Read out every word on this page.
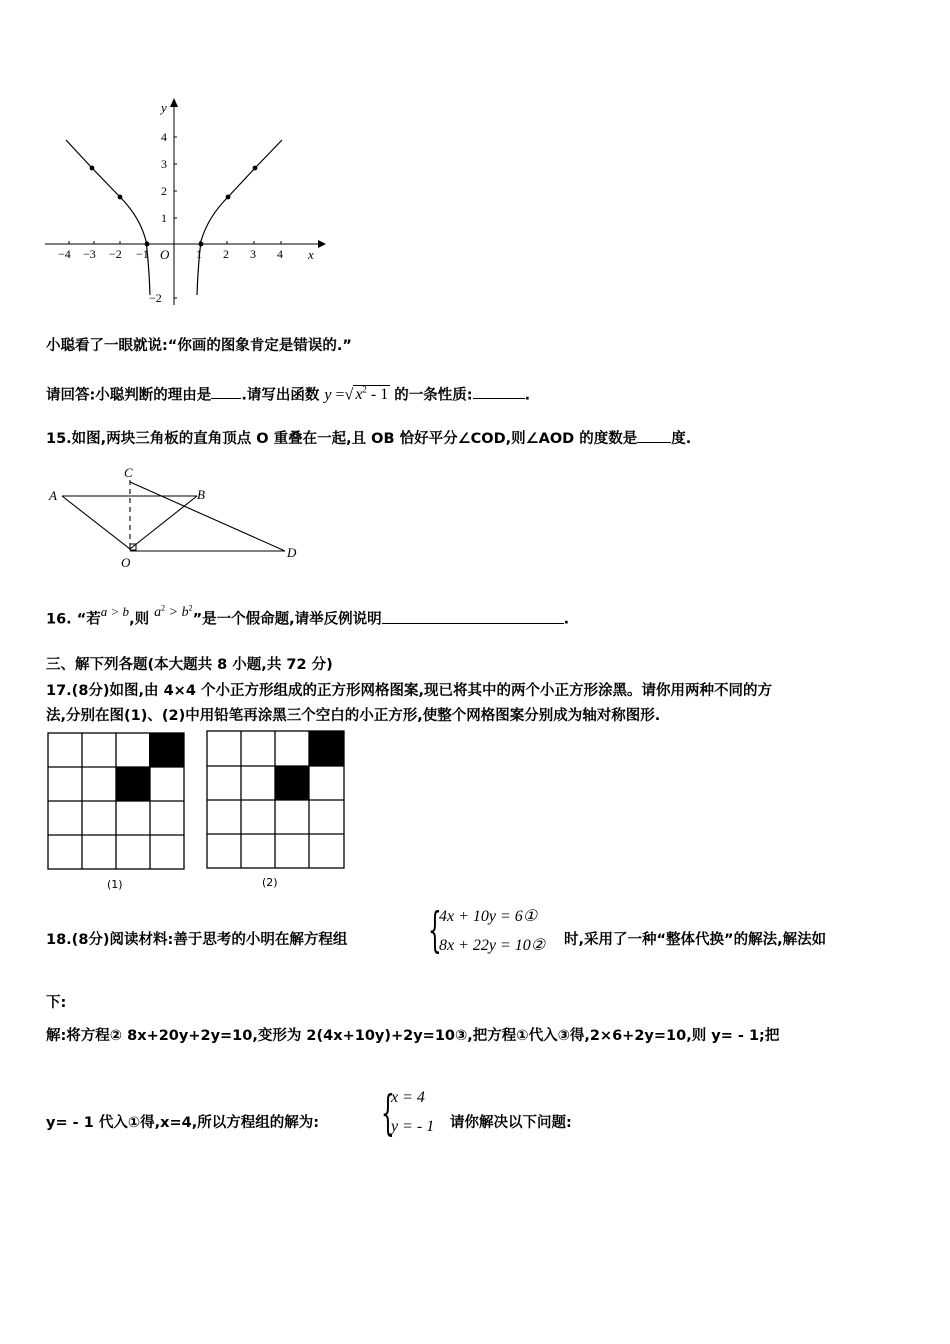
y
x
O
−4 −3 −2 −1	1 2 3 4
4
3
2
1
−2
小聪看了一眼就说:“你画的图象肯定是错误的.”
请回答:小聪判断的理由是 .请写出函数 y =√ $x^2 - 1$ 的一条性质:	.
15.如图,两块三角板的直角顶点 O 重叠在一起,且 OB 恰好平分∠COD,则∠AOD 的度数是 度.
A	B
C
D
O
16. “若a > b,则 $a^2 > b^2$”是一个假命题,请举反例说明	.
三、解下列各题(本大题共 8 小题,共 72 分)
17.(8分)如图,由 4×4 个小正方形组成的正方形网格图案,现已将其中的两个小正方形涂黑。请你用两种不同的方
法,分别在图(1)、(2)中用铅笔再涂黑三个空白的小正方形,使整个网格图案分别成为轴对称图形.
(1)	(2)
18.(8分)阅读材料:善于思考的小明在解方程组 {
4x + 10y = 6①
8x + 22y = 10② 时,采用了一种“整体代换”的解法,解法如
下:
解:将方程② 8x+20y+2y=10,变形为 2(4x+10y)+2y=10③,把方程①代入③得,2×6+2y=10,则 y= - 1;把
y= - 1 代入①得,x=4,所以方程组的解为: {
x = 4
y = - 1 请你解决以下问题:
